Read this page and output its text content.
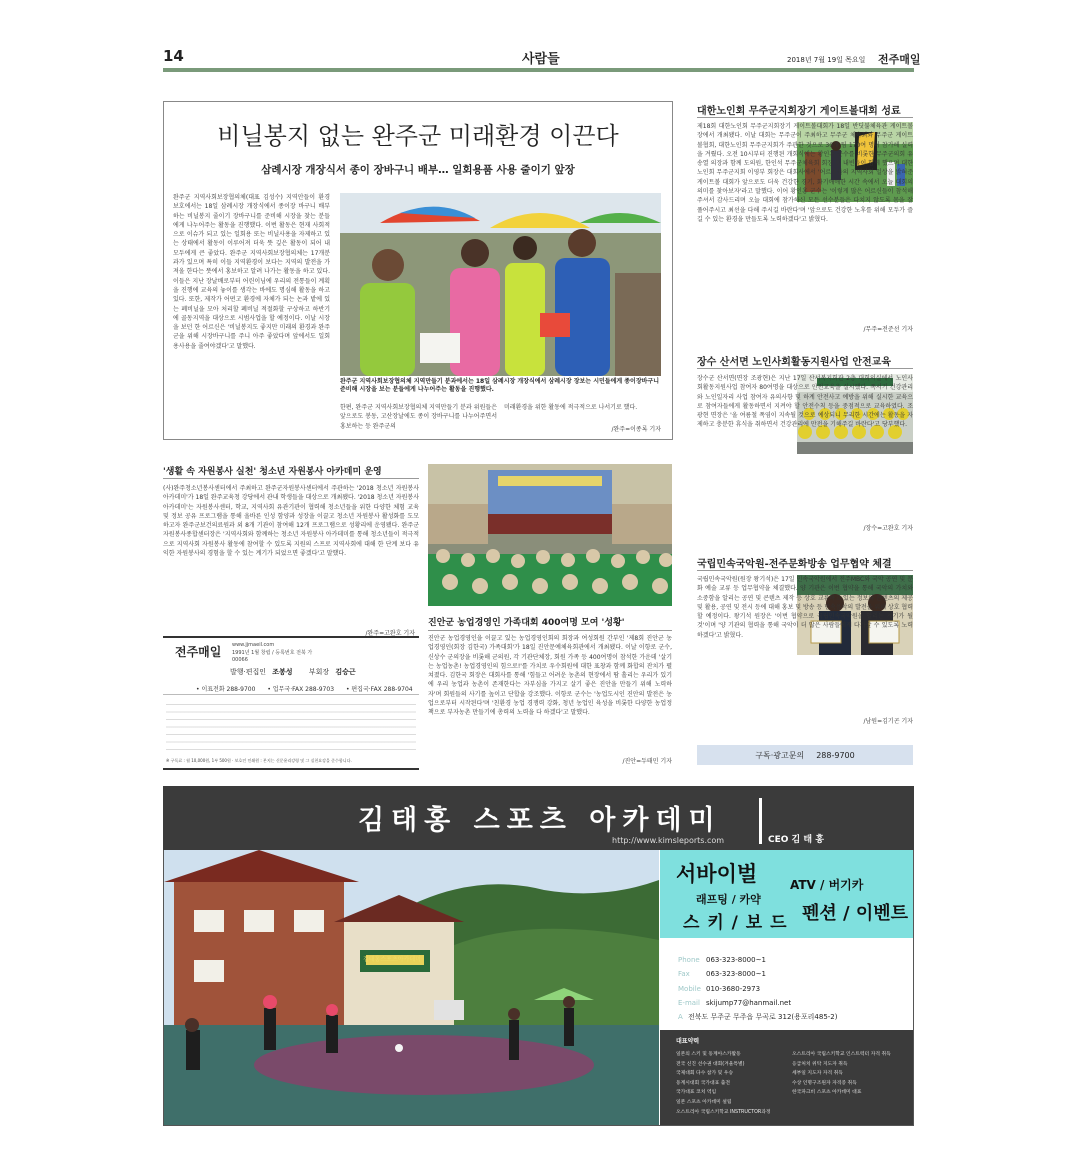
14	사람들	2018년 7월 19일 목요일 전주매일
비닐봉지 없는 완주군 미래환경 이끈다
삼례시장 개장식서 종이 장바구니 배부… 일회용품 사용 줄이기 앞장
완주군 지역사회보장협의체(대표 김성수) 지역안들이 환경보호에서는 18일 삼례시장 개장식에서 종이장 바구니 배부하는 비닐봉지 줄이기 장바구니를 준비해 시장을 찾는 분들에게 나누어주는 활동을 진행했다. 이번 활동은 현재 사회적으로 이슈가 되고 있는 일회용 또는 비닐사용을 자제하고 있는 상태에서 활동이 이루어져 더욱 뜻 깊은 활동이 되어 내 모두에게 큰 좋았다. 완주군 지역사회보장협의체는 17개분과가 있으며 특히 이들 지역환경이 보다는 지역의 발전을 가져올 한다는 뜻에서 홍보하고 알려 나가는 활동을 하고 있다. 이들은 지난 장날배로부터 어린이님에 우리의 전통들이 계획을 진행에 교육의 놓이를 생각는 바에도 명심해 활동을 하고 있다. 또한, 제작가 어떤고 환경에 자체가 되는 논과 밭에 있는 폐비닐을 모아 처리할 폐비닐 적절화할 구상하고 하반기에 골동지역을 대상으로 시범사업을 할 예정이다. 이날 시장을 보던 한 어르신은 '비닐봉지도 좋지만 미래의 환경과 완주군을 위해 시장바구니를 주니 아주 좋았다며 앞에서도 일회용사용을 줄여야겠다'고 말했다.
완주군 지역사회보장협의체 지역만들기 분과에서는 18일 삼례시장 개장식에서 삼례시장 장보는 시민들에게 종이장바구니 준비해 시장을 보는 분들에게 나누어주는 활동을 진행했다.
한편, 완주군 지역사회보장협의체 지역만들기 분과 위원들은 앞으로도 봉동, 고산장날에도 종이 장바구니를 나누어주면서 홍보하는 등 완주군의
미래환경을 위한 활동에 적극적으로 나서기로 했다.
/완주=이종록 기자
대한노인회 무주군지회장기 게이트볼대회 성료
제18회 대한노인회 무주군지회장기 게이트볼대회가 18일 반딧불체육관 게이트볼장에서 개최됐다. 이날 대회는 무주군이 주최하고 무주군 체육회와 무주군 게이트볼협회, 대한노인회 무주군지회가 주관한 것으로 30개 팀 170여 명이 참가해 실력을 겨뤘다. 오전 10시부터 진행된 개회식에는 황인홍 군수를 비롯한 무주군의회 유송열 의장과 함께 도의원, 한인석 무주군체육회 회장 등 내빈들이 함께 했으며 대한노인회 무주군지회 이영부 회장은 대회사에서 '어르신들의 지역사회 일상을 밝혀준 게이트볼 대회가 앞으로도 더욱 건강한 경기, 화기애애한 시간 속에서 오늘 대회의 의미를 찾아보자'라고 말했다. 이어 황인홍 군수는 '이렇게 많은 어르신들이 참석해 주셔서 감사드리며 오늘 대회에 참가하신 모든 선수분들은 다치지 않도록 몸을 잘 풀어주시고 최선을 다해 주시길 바란다'며 '앞으로도 건강한 노후를 위해 모두가 즐길 수 있는 환경을 만들도록 노력하겠다'고 밝혔다.
/무주=전준선 기자
장수 산서면 노인사회활동지원사업 안전교육
장수군 산서면(면장 조광현)은 지난 17일 산서복지회관 2층 대회의실에서 노인사회활동지원사업 참여자 80여명을 대상으로 안전교육을 실시했다. 폭서기 건강관리와 노인일자리 사업 참여자 유의사항 및 하계 안전사고 예방을 위해 실시한 교육으로 참여자들에게 활동하면서 지켜야 할 안전수칙 등을 중점적으로 교육하였다. 조광현 면장은 '올 여름철 폭염이 지속될 것으로 예상되니 무리한 시간에는 활동을 자제하고 충분한 휴식을 취하면서 건강관리에 만전을 기해주길 바란다'고 당부했다.
/장수=고완호 기자
국립민속국악원-전주문화방송 업무협약 체결
국립민속국악원(원장 왕기석)은 17일 민속국악원에서 전주MBC와 국악 공연 및 문화 예술 교류 등 업무협약을 체결했다. 양 기관은 이번 협약을 통해 국악의 가치와 소중함을 알리는 공연 및 콘텐츠 제작 등 상호 교류하고 있는 정보와 콘텐츠의 제공 및 활용, 공연 및 전시 등에 대해 홍보 및 방송 등 민속음악의 발전을 위해 상호 협력할 예정이다. 왕기석 원장은 '이번 협약으로 국립민속국악원을 알리는 계기가 될 것'이며 '양 기관의 협력을 통해 국악이 더 많은 사람들에게 다가갈 수 있도록 노력하겠다'고 밝혔다.
/남원=김기곤 기자
구독·광고문의 288-9700
'생활 속 자원봉사 실천' 청소년 자원봉사 아카데미 운영
(사)완주청소년봉사센터에서 주최하고 완주군자원봉사센터에서 주관하는 '2018 청소년 자원봉사 아카데미'가 18일 완주교육청 강당에서 관내 학생들을 대상으로 개최됐다. '2018 청소년 자원봉사 아카데미'는 자원봉사센터, 학교, 지역사회 유관기관이 협력해 청소년들을 위한 다양한 체험 교육 및 정보 공유 프로그램을 통해 올바른 인성 함양과 성장을 이끌고 청소년 자원봉사 활성화를 도모하고자 완주군보건의료원과 외 8개 기관이 참여해 12개 프로그램으로 성황리에 운영됐다. 완주군자원봉사종합센터장은 '지역사회와 함께하는 청소년 자원봉사 아카데미를 통해 청소년들이 적극적으로 지역사회 자원봉사 활동에 참여할 수 있도록 지원의 스프로 지역사회에 대해 한 단계 보다 유익한 자원봉사의 경험을 할 수 있는 계기가 되었으면 좋겠다'고 말했다.
/완주=고완호 기자
전주매일 www.jjmaeil.com
1991년 1월 창립 / 등록번호 전북 가00066
발행·편집인 조봉성 부회장 김승근
• 이표전화 288-9700 • 업무국·FAX 288-9703 • 편집국·FAX 288-9704
※ 구독료 : 월 10,000원, 1부 500원 · 보호인 인쇄원 : 본지는 신문윤리강령 및 그 실천요강을 준수합니다.
진안군 농업경영인 가족대회 400여명 모여 '성황'
진안군 농업경영인을 이끌고 있는 농업경영인회의 회장과 여성회원 간부인 '제8회 진안군 농업경영인(회장 김한국) 가족대회'가 18일 진안문예체육회관에서 개최됐다. 이날 이항로 군수, 신상수 군의장을 비롯해 군의원, 각 기관단체장, 회원 가족 등 400여명이 참석한 가운데 '살기는 농업농촌! 농업경영인의 힘으로!'를 가치로 우수회원에 대한 표창과 함께 화합의 잔치가 펼쳐졌다. 김한국 회장은 대회사를 통해 '힘들고 어려운 농촌의 현장에서 땀 흘리는 우리가 있기에 우리 농업과 농촌이 존재한다는 자부심을 가지고 살기 좋은 진안을 만들기 위해 노력하자'며 회원들의 사기를 높이고 단합을 강조했다. 이항로 군수는 '농업도시인 진안의 발전은 농업으로부터 시작된다'며 '친환경 농업 경쟁력 강화, 청년 농업인 육성을 비롯한 다양한 농업정책으로 부자농촌 만들기에 총력의 노력을 다 하겠다'고 말했다.
/진안=두태민 기자
김태홍 스포츠 아카데미
http://www.kimsleports.com	CEO 김 태 홍
김태홍스포츠아카데미
서바이벌	ATV / 버기카
래프팅 / 카약
스 키 / 보 드 펜션 / 이벤트
Phone 063-323-8000~1
Fax 063-323-8000~1
Mobile 010-3680-2973
E-mail skijump77@hanmail.net
A 전북도 무주군 무주읍 무곡로 312(용포리485-2)
대표약력
일본의 스키 및 동계아스카활동
전국 신진 선수권 대회(겨울특별)
국제대회 다수 참가 및 우승
동계시대회 국가대표 출전
국가대표 코치 역임
일본 스포츠 아카데미 설립
오스트리아 국립스키학교 INSTRUCTOR과정
오스트리아 국립스키학교 인스트럭터 자격 취득
응급처치 위탁 지도자 취득
세부일 지도자 자격 취득
수상 인명구조원자 자격증 취득
한국파크비 스포츠 아카데미 대표
